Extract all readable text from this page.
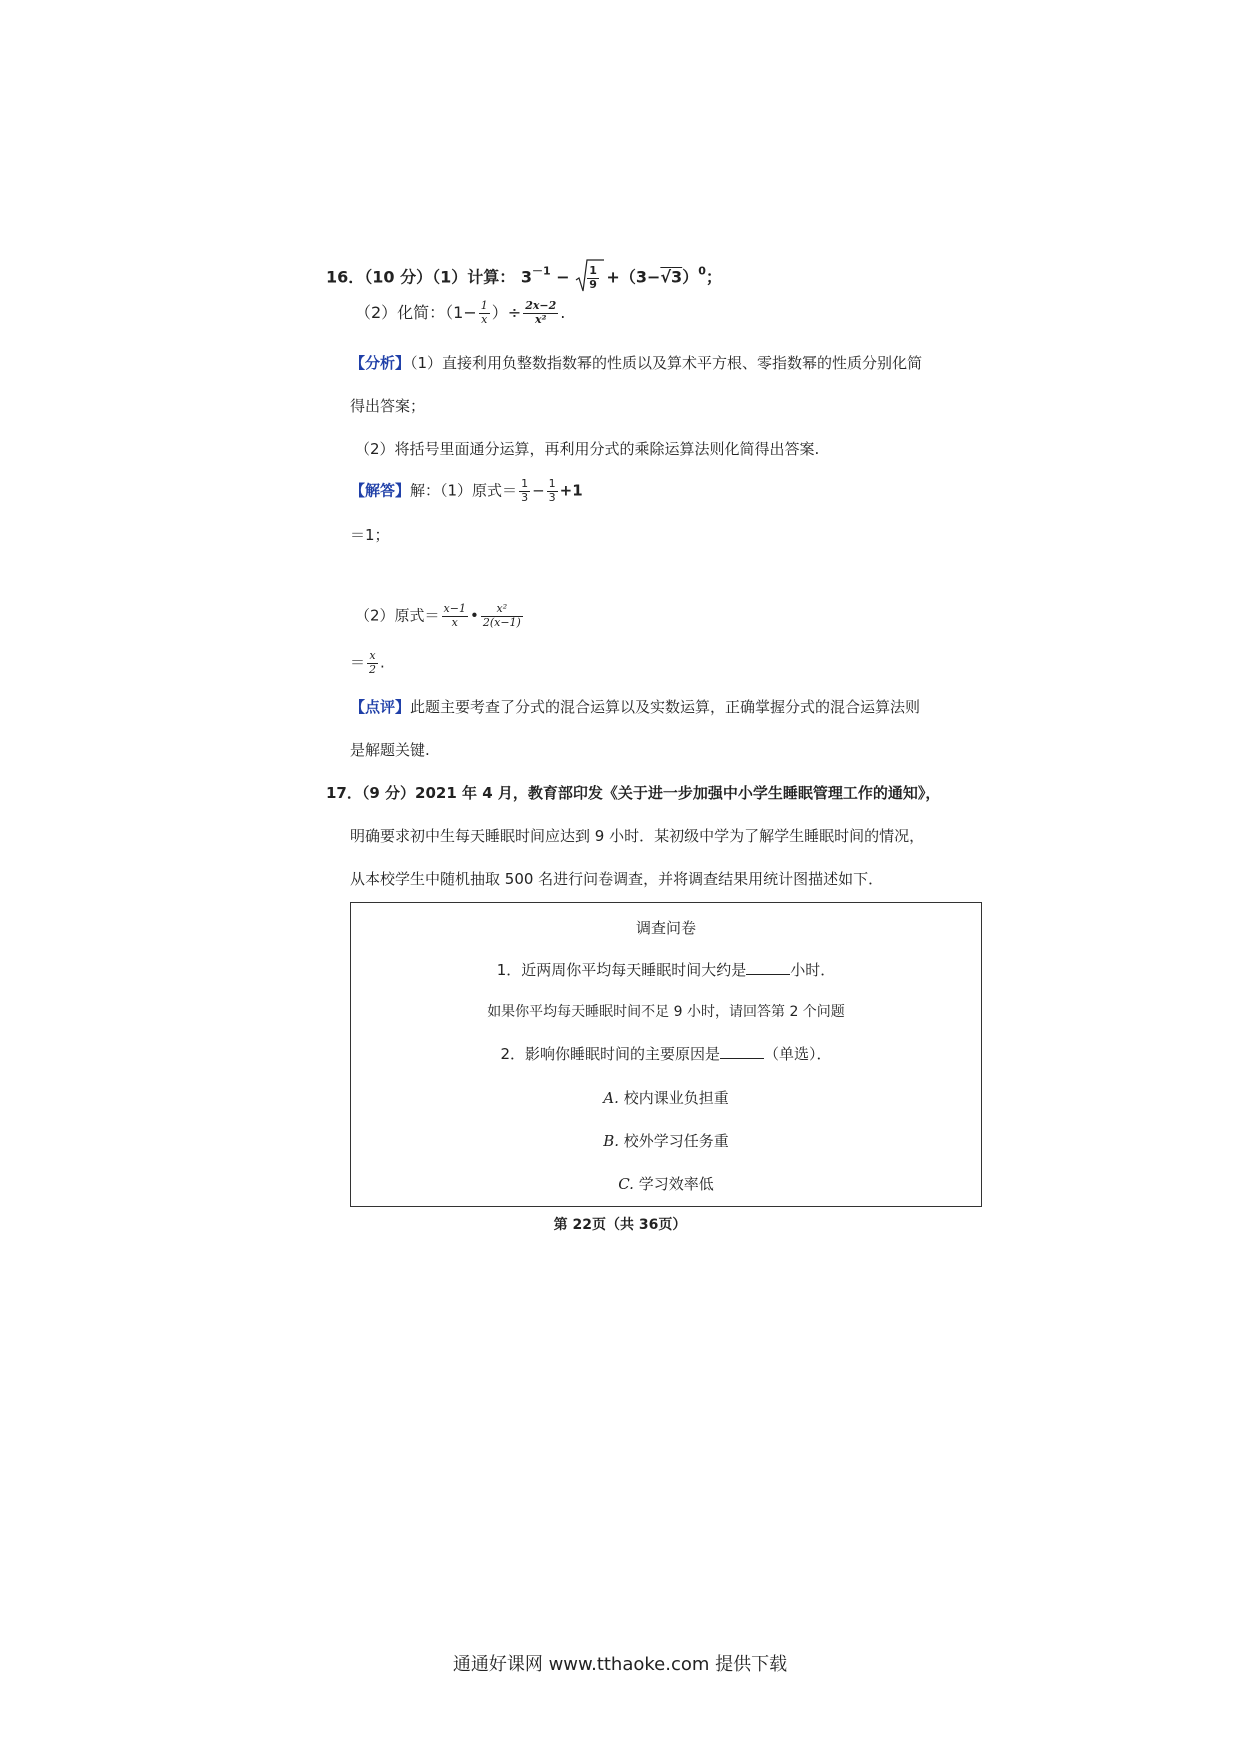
16．（10 分）（1）计算： $3^{-1} - \frac{1}{9} +(3-√3)^0$；
（2）化简：（$1- \frac{1}{x}$ ）÷ $\frac{2x-2}{\text{x²}}$ .
【分析】（1）直接利用负整数指数幂的性质以及算术平方根、零指数幂的性质分别化简
得出答案；
（2）将括号里面通分运算，再利用分式的乘除运算法则化简得出答案.
【解答】解：（1）原式＝ $\frac{1}{3} - \frac{1}{3} +1$
＝1；
（2）原式＝ $\frac{x-1}{x}$ • $\frac{\text{x²}}{2(x-1)}$
＝ $\frac{x}{2}$ .
【点评】此题主要考查了分式的混合运算以及实数运算，正确掌握分式的混合运算法则
是解题关键.
17．（9 分）2021 年 4 月，教育部印发《关于进一步加强中小学生睡眠管理工作的通知》，
明确要求初中生每天睡眠时间应达到 9 小时．某初级中学为了解学生睡眠时间的情况，
从本校学生中随机抽取 500 名进行问卷调查，并将调查结果用统计图描述如下．
调查问卷
1．近两周你平均每天睡眠时间大约是	小时．
如果你平均每天睡眠时间不足 9 小时，请回答第 2 个问题
2．影响你睡眠时间的主要原因是	（单选）．
A. 校内课业负担重
B. 校外学习任务重
C. 学习效率低
第 22页（共 36页）
通通好课网 www.tthaoke.com 提供下载
